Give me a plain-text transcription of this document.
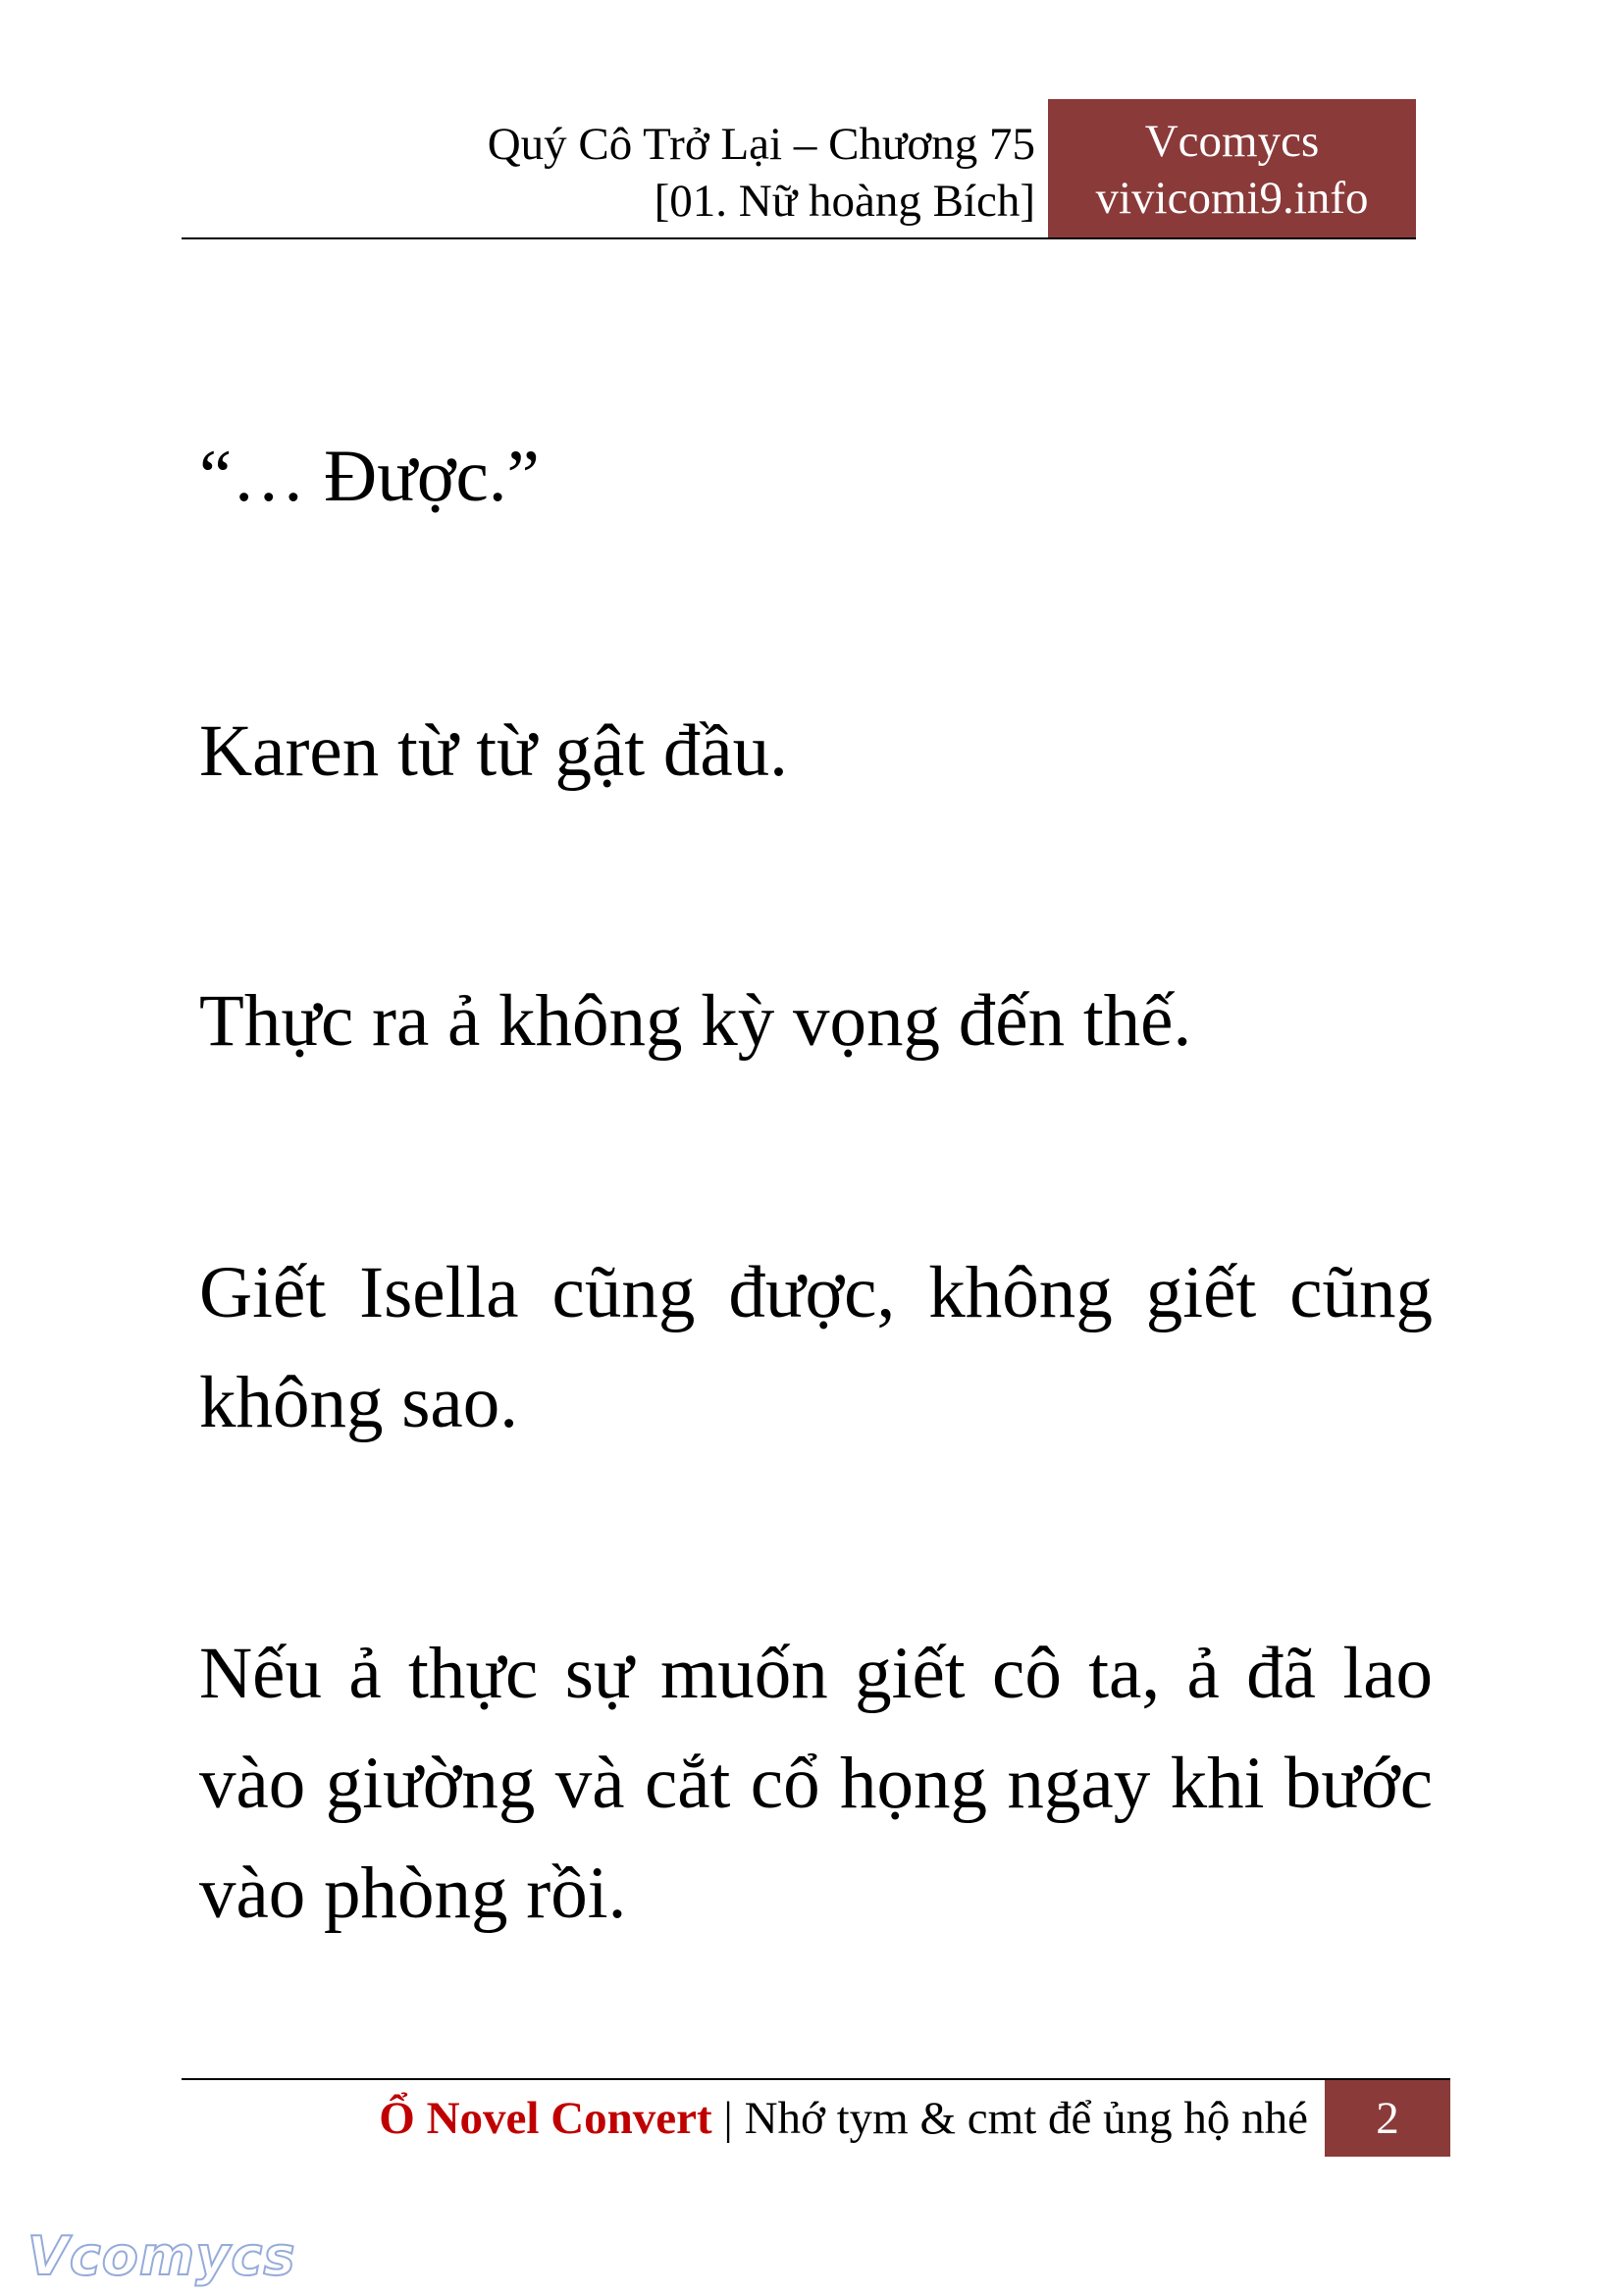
Quý Cô Trở Lại – Chương 75
[01. Nữ hoàng Bích]
Vcomycs
vivicomi9.info

“… Được.”

Karen từ từ gật đầu.

Thực ra ả không kỳ vọng đến thế.

Giết Isella cũng được, không giết cũng không sao.

Nếu ả thực sự muốn giết cô ta, ả đã lao vào giường và cắt cổ họng ngay khi bước vào phòng rồi.

Ổ Novel Convert | Nhớ tym & cmt để ủng hộ nhé	2
Vcomycs
